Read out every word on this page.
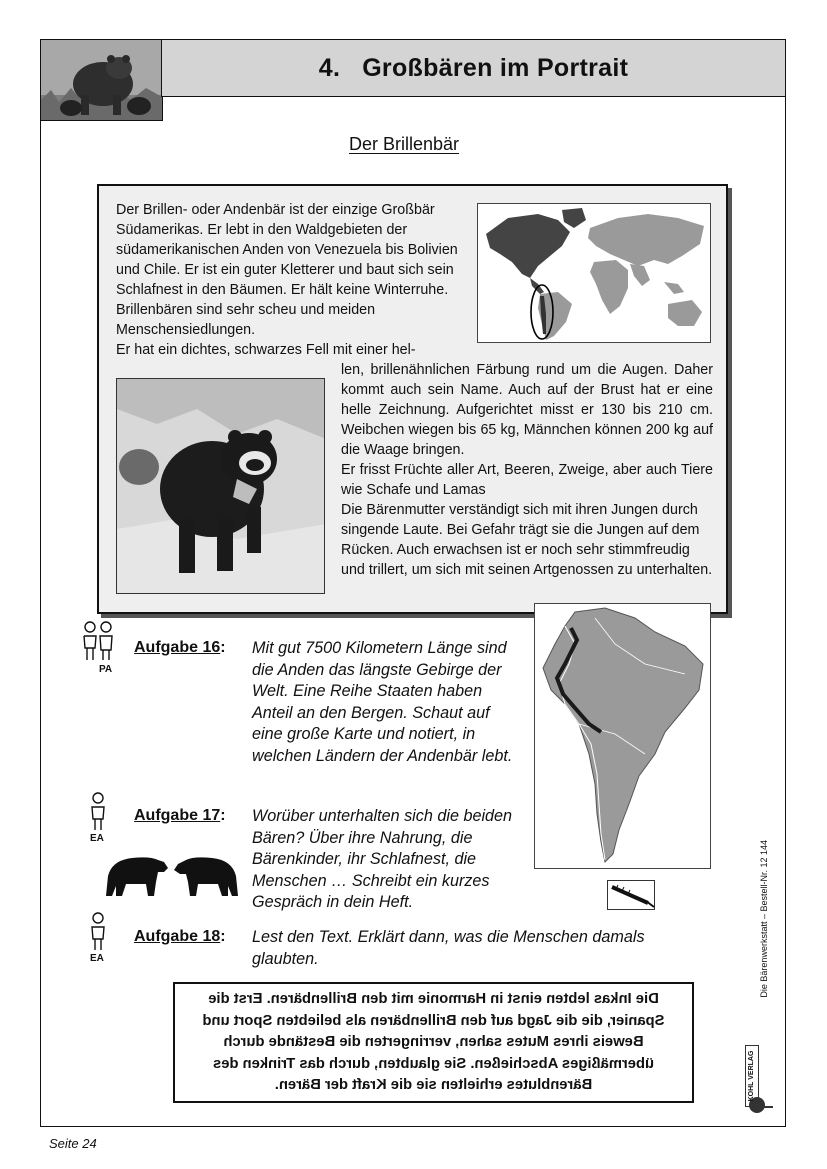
4. Großbären im Portrait
Der Brillenbär

Der Brillen- oder Andenbär ist der einzige Großbär Südamerikas. Er lebt in den Waldgebieten der südamerikanischen Anden von Venezuela bis Bolivien und Chile. Er ist ein guter Kletterer und baut sich sein Schlafnest in den Bäumen. Er hält keine Winterruhe. Brillenbären sind sehr scheu und meiden Menschensiedlungen.

Er hat ein dichtes, schwarzes Fell mit einer hel-

len, brillenähnlichen Färbung rund um die Augen. Daher kommt auch sein Name. Auch auf der Brust hat er eine helle Zeichnung. Aufgerichtet misst er 130 bis 210 cm. Weibchen wiegen bis 65 kg, Männchen können 200 kg auf die Waage bringen.

Er frisst Früchte aller Art, Beeren, Zweige, aber auch Tiere wie Schafe und Lamas

Die Bärenmutter verständigt sich mit ihren Jungen durch singende Laute. Bei Gefahr trägt sie die Jungen auf dem Rücken. Auch erwachsen ist er noch sehr stimmfreudig und trillert, um sich mit seinen Artgenossen zu unterhalten.

PA
Aufgabe 16: Mit gut 7500 Kilometern Länge sind die Anden das längste Gebirge der Welt. Eine Reihe Staaten haben Anteil an den Bergen. Schaut auf eine große Karte und notiert, in welchen Ländern der Andenbär lebt.
EA
Aufgabe 17: Worüber unterhalten sich die beiden Bären? Über ihre Nahrung, die Bärenkinder, ihr Schlafnest, die Menschen … Schreibt ein kurzes Gespräch in dein Heft.
EA
Aufgabe 18: Lest den Text. Erklärt dann, was die Menschen damals glaubten.
Die Inkas lebten einst in Harmonie mit den Brillenbären. Erst die Spanier, die die Jagd auf den Brillenbären als beliebten Sport und Beweis ihres Mutes sahen, verringerten die Bestände durch übermäßiges Abschießen. Sie glaubten, durch das Trinken des Bärenblutes erhielten sie die Kraft der Bären.
Die Bärenwerkstatt – Bestell-Nr. 12 144
KOHL VERLAG
Seite 24
